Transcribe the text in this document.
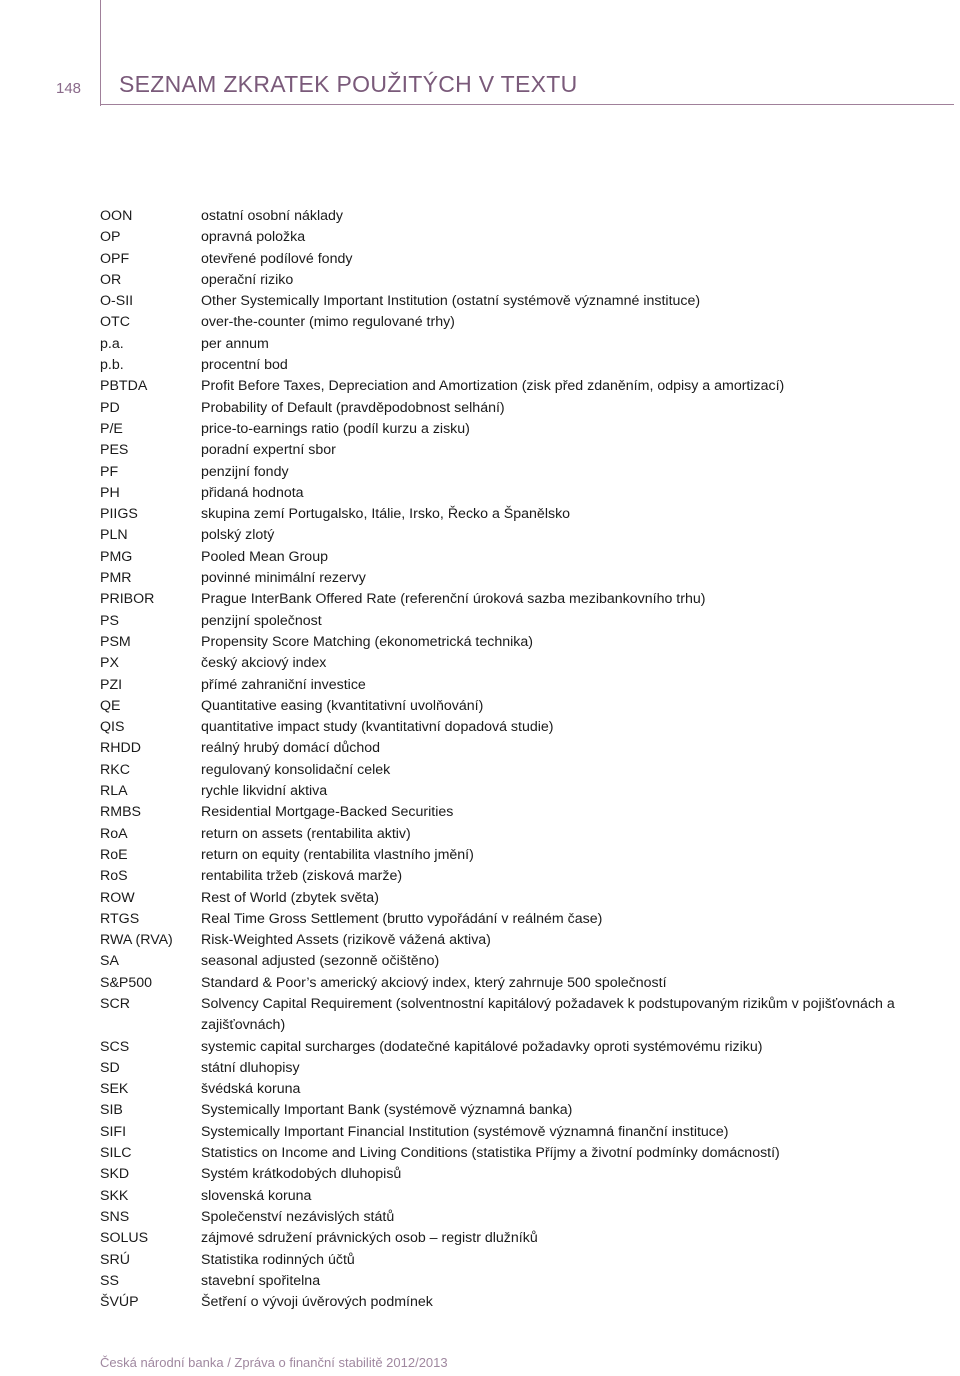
148 SEZNAM ZKRATEK POUŽITÝCH V TEXTU
OON	ostatní osobní náklady
OP	opravná položka
OPF	otevřené podílové fondy
OR	operační riziko
O-SII	Other Systemically Important Institution (ostatní systémově významné instituce)
OTC	over-the-counter (mimo regulované trhy)
p.a.	per annum
p.b.	procentní bod
PBTDA	Profit Before Taxes, Depreciation and Amortization (zisk před zdaněním, odpisy a amortizací)
PD	Probability of Default (pravděpodobnost selhání)
P/E	price-to-earnings ratio (podíl kurzu a zisku)
PES	poradní expertní sbor
PF	penzijní fondy
PH	přidaná hodnota
PIIGS	skupina zemí Portugalsko, Itálie, Irsko, Řecko a Španělsko
PLN	polský zlotý
PMG	Pooled Mean Group
PMR	povinné minimální rezervy
PRIBOR	Prague InterBank Offered Rate (referenční úroková sazba mezibankovního trhu)
PS	penzijní společnost
PSM	Propensity Score Matching (ekonometrická technika)
PX	český akciový index
PZI	přímé zahraniční investice
QE	Quantitative easing (kvantitativní uvolňování)
QIS	quantitative impact study (kvantitativní dopadová studie)
RHDD	reálný hrubý domácí důchod
RKC	regulovaný konsolidační celek
RLA	rychle likvidní aktiva
RMBS	Residential Mortgage-Backed Securities
RoA	return on assets (rentabilita aktiv)
RoE	return on equity (rentabilita vlastního jmění)
RoS	rentabilita tržeb (zisková marže)
ROW	Rest of World (zbytek světa)
RTGS	Real Time Gross Settlement (brutto vypořádání v reálném čase)
RWA (RVA)	Risk-Weighted Assets (rizikově vážená aktiva)
SA	seasonal adjusted (sezonně očištěno)
S&P500	Standard & Poor’s americký akciový index, který zahrnuje 500 společností
SCR	Solvency Capital Requirement (solventnostní kapitálový požadavek k podstupovaným rizikům v pojišťovnách a zajišťovnách)
SCS	systemic capital surcharges (dodatečné kapitálové požadavky oproti systémovému riziku)
SD	státní dluhopisy
SEK	švédská koruna
SIB	Systemically Important Bank (systémově významná banka)
SIFI	Systemically Important Financial Institution (systémově významná finanční instituce)
SILC	Statistics on Income and Living Conditions (statistika Příjmy a životní podmínky domácností)
SKD	Systém krátkodobých dluhopisů
SKK	slovenská koruna
SNS	Společenství nezávislých států
SOLUS	zájmové sdružení právnických osob – registr dlužníků
SRÚ	Statistika rodinných účtů
SS	stavební spořitelna
ŠVÚP	Šetření o vývoji úvěrových podmínek
Česká národní banka / Zpráva o finanční stabilitě 2012/2013
